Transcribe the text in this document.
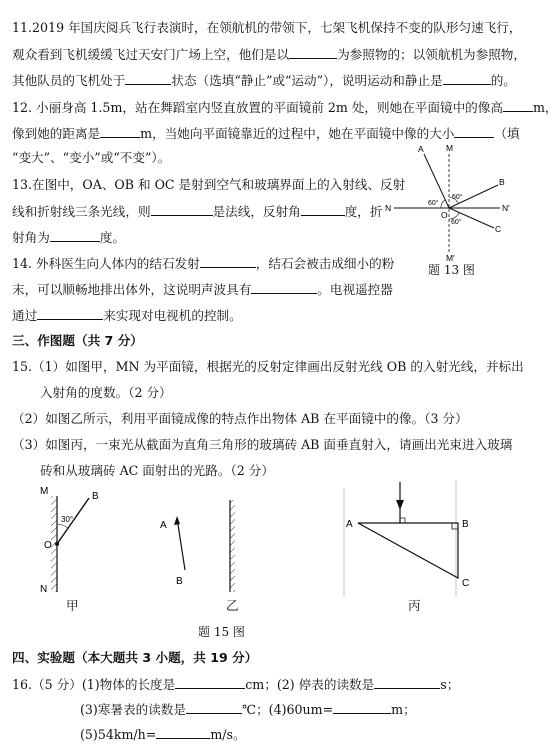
11.2019 年国庆阅兵飞行表演时，在领航机的带领下，七架飞机保持不变的队形匀速飞行，
观众看到飞机缓缓飞过天安门广场上空，他们是以	为参照物的；以领航机为参照物，
其他队员的飞机处于	状态（选填“静止”或“运动”），说明运动和静止是	的。
12. 小丽身高 1.5m，站在舞蹈室内竖直放置的平面镜前 2m 处，则她在平面镜中的像高 m，
像到她的距离是	m，当她向平面镜靠近的过程中，她在平面镜中像的大小	（填
“变大”、“变小”或“不变”）。
13.在图中，OA、OB 和 OC 是射到空气和玻璃界面上的入射线、反射
线和折射线三条光线，则	是法线，反射角	度，折
射角为	度。
A	M
B
N	N′
O
C
M′
60°
60°
60°
题 13 图
14. 外科医生向人体内的结石发射	，结石会被击成细小的粉
末，可以顺畅地排出体外，这说明声波具有	。电视遥控器
通过	来实现对电视机的控制。
三、作图题（共 7 分）
15.（1）如图甲，MN 为平面镜，根据光的反射定律画出反射光线 OB 的入射光线，并标出
入射角的度数。（2 分）
（2）如图乙所示，利用平面镜成像的特点作出物体 AB 在平面镜中的像。（3 分）
（3）如图丙，一束光从截面为直角三角形的玻璃砖 AB 面垂直射入，请画出光束进入玻璃
砖和从玻璃砖 AC 面射出的光路。（2 分）
M	B
30°
O
N
甲
A
B
乙
A	B
C
丙
题 15 图
四、实验题（本大题共 3 小题，共 19 分）
16.（5 分）(1)物体的长度是	cm；(2) 停表的读数是	s；
(3)寒暑表的读数是	℃；(4)60um=	m；
(5)54km/h=	m/s。
